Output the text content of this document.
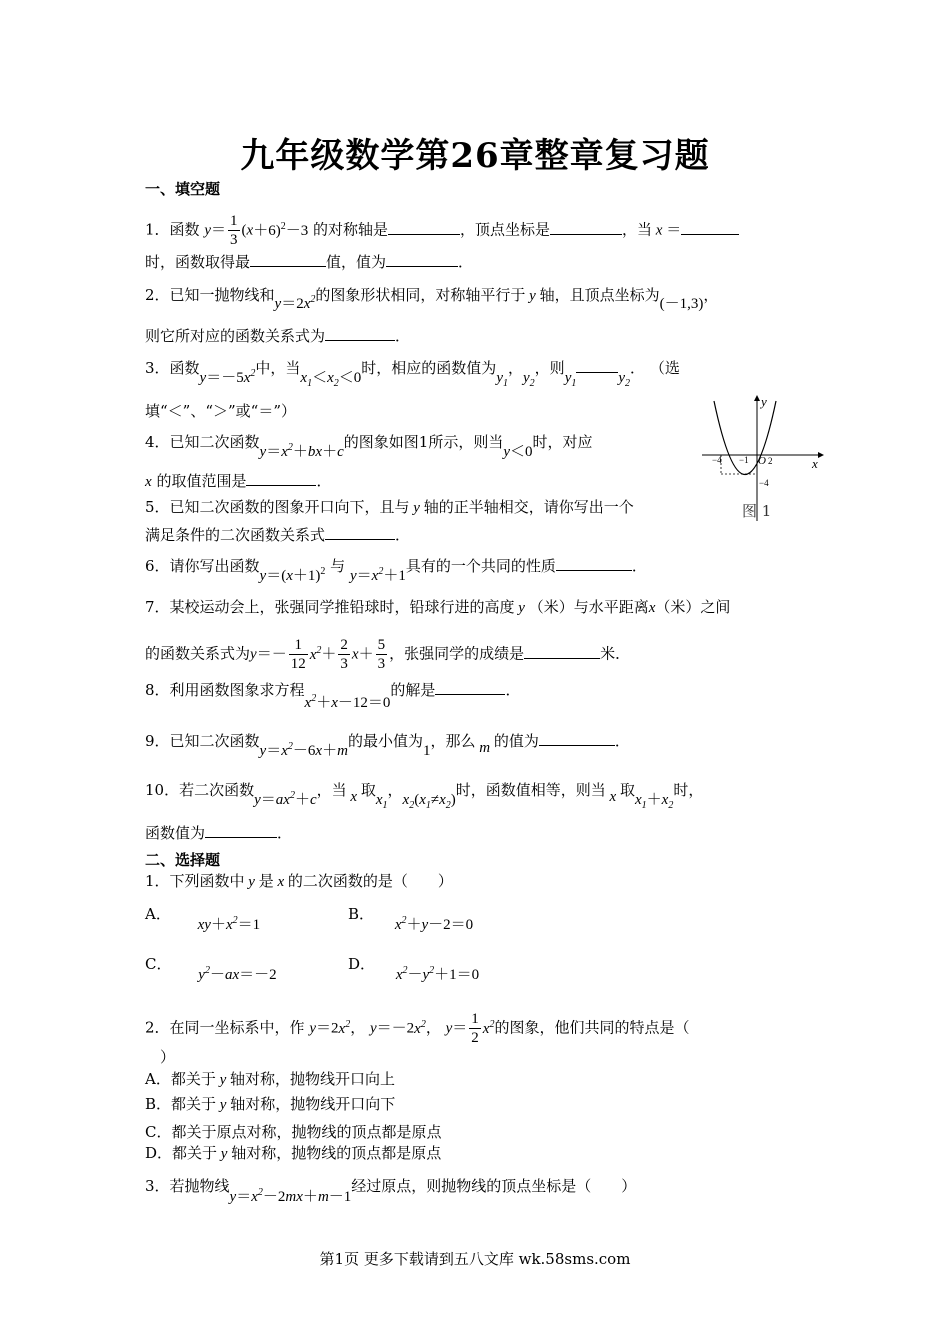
九年级数学第26章整章复习题
一、填空题
1．函数 $y= \frac{1}{3} (x+6)^2-3$ 的对称轴是	，顶点坐标是	，当 x ＝
时，函数取得最	值，值为	．
2．已知一抛物线和$y=2x^2$的图象形状相同，对称轴平行于 y 轴，且顶点坐标为(－1,3)，
则它所对应的函数关系式为	．
3．函数$y=-5x^2$中，当$x_1<x_2<0$时，相应的函数值为$y_1$，$y_2$，则$y_1$	$y_2$． （选
填“＜”、“＞”或“＝”）
4．已知二次函数$y=x^2+bx+c$的图象如图1所示，则当y＜0时，对应
x 的取值范围是	．
−4 −1 O 2
−4
x
y
图 1
5．已知二次函数的图象开口向下，且与 y 轴的正半轴相交，请你写出一个
满足条件的二次函数关系式	．
6．请你写出函数$y=(x+1)^2$ 与 $y=x^2+1$具有的一个共同的性质	．
7．某校运动会上，张强同学推铅球时，铅球行进的高度 y （米）与水平距离x（米）之间
的函数关系式为$y=- \frac{1}{12} x^2+ \frac{2}{3} x+ \frac{5}{3}$ ，张强同学的成绩是	米．
8．利用函数图象求方程$x^2+x-12=0$的解是	．
9．已知二次函数$y=x^2-6x+m$的最小值为1，那么 m 的值为	．
10．若二次函数$y=ax^2+c$，当 x 取$x_1$，$x_2(x_1\ne x_2)$时，函数值相等，则当 x 取$x_1+x_2$时，
函数值为	．
二、选择题
1．下列函数中 y 是 x 的二次函数的是（　　）
A． $xy+x^2=1$
B． $x^2+y-2=0$
C． $y^2-ax=-2$
D． $x^2-y^2+1=0$
2．在同一坐标系中，作 $y=2x^2$， $y=-2x^2$， $y= \frac{1}{2} x^2$的图象，他们共同的特点是（
）
A．都关于 y 轴对称，抛物线开口向上
B．都关于 y 轴对称，抛物线开口向下
C．都关于原点对称，抛物线的顶点都是原点
D．都关于 y 轴对称，抛物线的顶点都是原点
3．若抛物线$y=x^2-2mx+m-1$经过原点，则抛物线的顶点坐标是（　　）
第1页 更多下载请到五八文库 wk.58sms.com
